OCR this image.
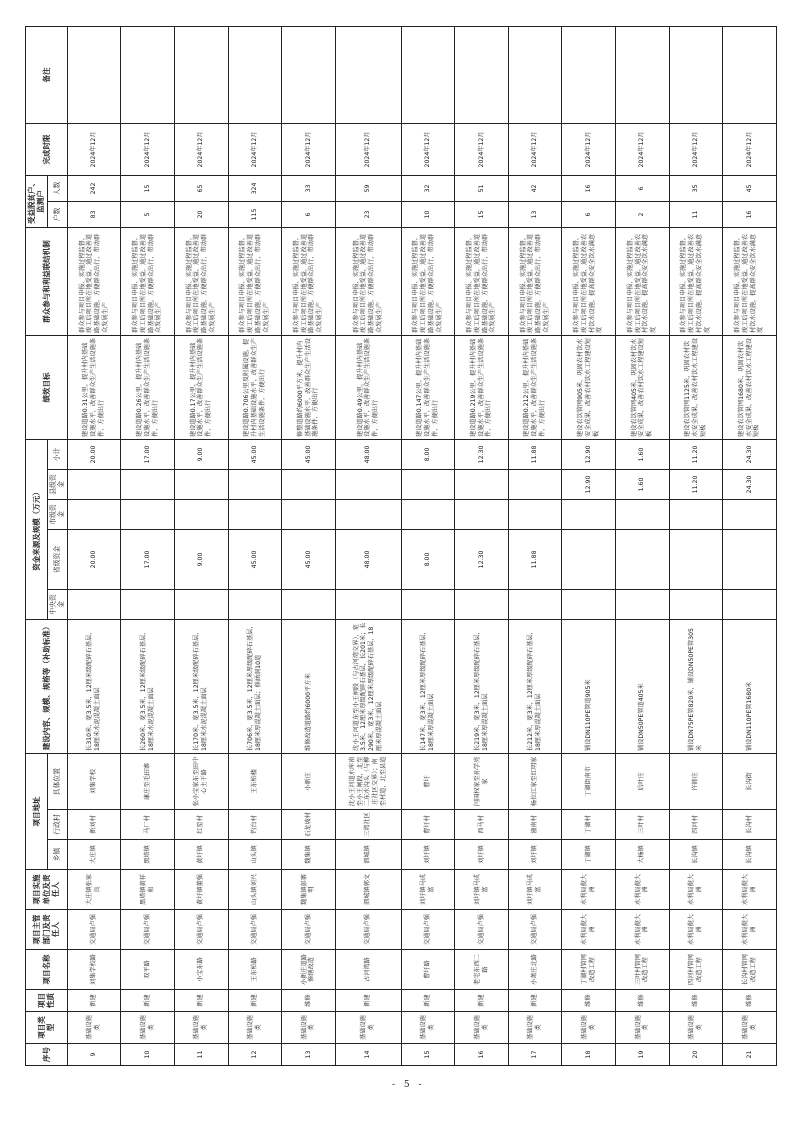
序号	项目类型	项目性质	项目名称	项目主管部门及责任人	项目实施单位及责任人	项目地址			建设内容、规模、规格等（补助标准）	资金来源及规模（万元）					绩效目标	群众参与和利益联结机制	受益脱贫户、监测户		完成时限	备注
						乡镇	行政村	具体位置		中央资金	省级资金	市级资金	县级资金	小计			户数	人数		

9	基础设施类	新建	刘集学校路	交通局卢强	大庄镇张家良	大庄镇	新刘村	刘集学校	长310米，宽3.5米，12厘米级配碎石基层，18厘米水泥混凝土面层		20.00			20.00	建设道路0.31公里，提升村内基础设施水平，改善群众生产生活设施条件，方便出行	群众参与项目申报、实施过程监督，竣工后项目所在地受益，通过改善道路基础设施，方便群众出行，带动群众发展生产	83	242	2024年12月	
10	基础设施类	新建	双平路	交通局卢强	黑塔镇黄祥和	黑塔镇	马厂村	康庄至毛田寨	长260米，宽3.5米，12厘米级配碎石基层，18厘米水泥混凝土面层		17.00			17.00	建设道路0.26公里，提升村内基础设施水平，改善群众生产生活设施条件，方便出行	群众参与项目申报、实施过程监督，竣工后项目所在地受益，通过改善道路基础设施，方便群众出行，带动群众发展生产	5	15	2024年12月	
11	基础设施类	新建	小宝东路	交通局卢强	黄圩镇董强	黄圩镇	红星村	张小宝家东至田中心主干路	长170米，宽3.5米，12厘米级配碎石基层，18厘米水泥混凝土面层		9.00			9.00	建设道路0.17公里，提升村内基础设施水平，改善群众生产生活设施条件，方便出行	群众参与项目申报、实施过程监督，竣工后项目所在地受益，通过改善道路基础设施，方便群众出行，带动群众发展生产	20	65	2024年12月	
12	基础设施类	新建	王东柏路	交通局卢强	山头镇刘兴	山头镇	钓台村	王东柏楼	长706米，宽3.5米，12厘米厚级配碎石基层，18厘米厚混凝土面层；修涵洞10道		45.00			45.00	建设道路0.706公里及附属设施，提升村内基础设施水平，改善群众生产生活设施条件，方便出行	群众参与项目申报、实施过程监督，竣工后项目所在地受益，通过改善道路基础设施，方便群众出行，带动群众发展生产	115	324	2024年12月	
13	基础设施类	维修	小新庄道路修缮改造	交通局卢强	魏集镇彭寨明	魏集镇	石龙坡村	小新庄	维修改造道路约6000平方米		45.00			45.00	修整道路约6000平方米，提升村内基础设施水平，改善群众生产生活设施条件，方便出行	群众参与项目申报、实施过程监督，竣工后项目所在地受益，通过改善道路基础设施，方便群众出行，带动群众发展生产	6	33	2024年12月	
14	基础设施类	新建	古河湾路	交通局卢强	泗城镇郭文	泗城镇	三湾社区	沈小王河道水库南至小王闸段，北至二东水沟头（与柳庄社区交界）；南至村道，北至县道	沈小王河道东至小王闸段（与古河湾交界），宽3.5米，12厘米厚级配碎石基层，长201米；长290米，宽3米，12厘米厚级配碎石基层，18厘米厚混凝土面层		48.00			48.00	建设道路0.49公里，提升村内基础设施水平，改善群众生产生活设施条件，方便出行	群众参与项目申报、实施过程监督，竣工后项目所在地受益，通过改善道路基础设施，方便群众出行，带动群众发展生产	23	59	2024年12月	
15	基础设施类	新建	曹圩路	交通局卢强	刘圩镇马成富	刘圩镇	曹圩村	曹圩	长147米，宽3米，12厘米厚级配碎石基层，18厘米厚混凝土面层		8.00			8.00	建设道路0.147公里，提升村内基础设施水平，改善群众生产生活设施条件，方便出行	群众参与项目申报、实施过程监督，竣工后项目所在地受益，通过改善道路基础设施，方便群众出行，带动群众发展生产	10	32	2024年12月	
16	基础设施类	新建	老宅东西二路	交通局卢强	刘圩镇马成富	刘圩镇	西马村	闫国权家至孙学亮家	长219米，宽3米，12厘米厚级配碎石基层，18厘米厚混凝土面层		12.30			12.30	建设道路0.219公里，提升村内基础设施水平，改善群众生产生活设施条件，方便出行	群众参与项目申报、实施过程监督，竣工后项目所在地受益，通过改善道路基础设施，方便群众出行，带动群众发展生产	15	51	2024年12月	
17	基础设施类	新建	小萧庄北路	交通局卢强	刘圩镇马成富	刘圩镇	潼南村	杨位江家至红明家	长212米，宽3米，12厘米厚级配碎石基层，18厘米厚混凝土面层		11.88			11.88	建设道路0.212公里，提升村内基础设施水平，改善群众生产生活设施条件，方便出行	群众参与项目申报、实施过程监督，竣工后项目所在地受益，通过改善道路基础设施，方便群众出行，带动群众发展生产	13	42	2024年12月	
18	基础设施类	维修	丁湖村管网改造工程	水利局倪大洲	水利局倪大洲	丁湖镇	丁湖村	丁湖街南市	铺设DN110PE管道905米				12.90	12.90	建设农饮管网905米，巩固农村饮水安全成果，改善农村饮水工程建设短板	群众参与项目申报、实施过程监督，竣工后项目所在地受益，通过改善农村饮水设施，提高群众安全饮水满意度	6	16	2024年12月	
19	基础设施类	维修	三叶村管网改造工程	水利局倪大洲	水利局倪大洲	大杨镇	三叶村	后叶庄	铺设DN50PE管道405米				1.60	1.60	建设农饮管网405米，巩固农村饮水安全成果，改善农村饮水工程建设短板	群众参与项目申报、实施过程监督，竣工后项目所在地受益，通过改善农村饮水设施，提高群众安全饮水满意度	2	6	2024年12月	
20	基础设施类	维修	四河村管网改造工程	水利局倪大洲	水利局倪大洲	长沟镇	四河村	许韩庄	铺设DN75PE管820米，铺设DN50PE管305米				11.20	11.20	建设农饮管网1125米，巩固农村饮水安全成果，改善农村饮水工程建设短板	群众参与项目申报、实施过程监督，竣工后项目所在地受益，通过改善农村饮水设施，提高群众安全饮水满意度	11	35	2024年12月	
21	基础设施类	维修	长沟村管网改造工程	水利局倪大洲	水利局倪大洲	长沟镇	长沟村	长沟街	铺设DN110PE管1680米				24.30	24.30	建设农饮管网1680米，巩固农村饮水安全成果，改善农村饮水工程建设短板	群众参与项目申报、实施过程监督，竣工后项目所在地受益，通过改善农村饮水设施，提高群众安全饮水满意度	16	45	2024年12月	
- 5 -
